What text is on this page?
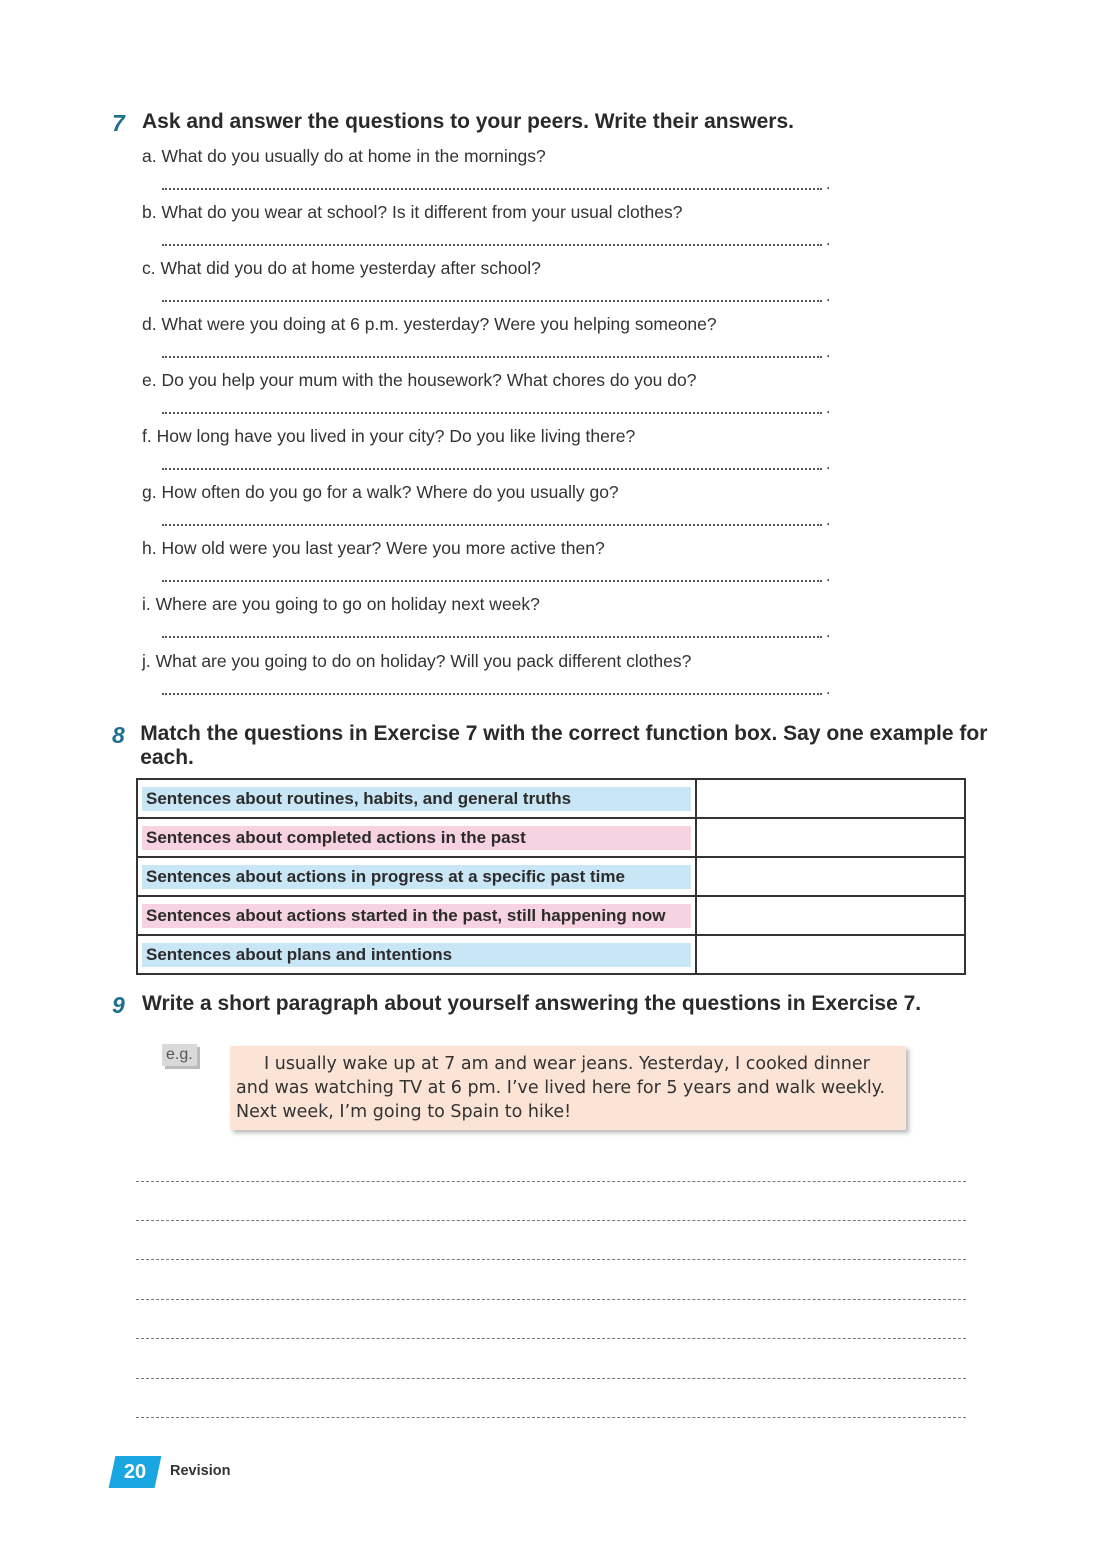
7 Ask and answer the questions to your peers. Write their answers.
a. What do you usually do at home in the mornings?
.
b. What do you wear at school? Is it different from your usual clothes?
.
c. What did you do at home yesterday after school?
.
d. What were you doing at 6 p.m. yesterday? Were you helping someone?
.
e. Do you help your mum with the housework? What chores do you do?
.
f. How long have you lived in your city? Do you like living there?
.
g. How often do you go for a walk? Where do you usually go?
.
h. How old were you last year? Were you more active then?
.
i. Where are you going to go on holiday next week?
.
j. What are you going to do on holiday? Will you pack different clothes?
.
8 Match the questions in Exercise 7 with the correct function box. Say one example for each.
Sentences about routines, habits, and general truths	

Sentences about completed actions in the past	

Sentences about actions in progress at a specific past time	

Sentences about actions started in the past, still happening now	

Sentences about plans and intentions	

9 Write a short paragraph about yourself answering the questions in Exercise 7.
e.g.	I usually wake up at 7 am and wear jeans. Yesterday, I cooked dinner and was watching TV at 6 pm. I’ve lived here for 5 years and walk weekly. Next week, I’m going to Spain to hike!
20 Revision
